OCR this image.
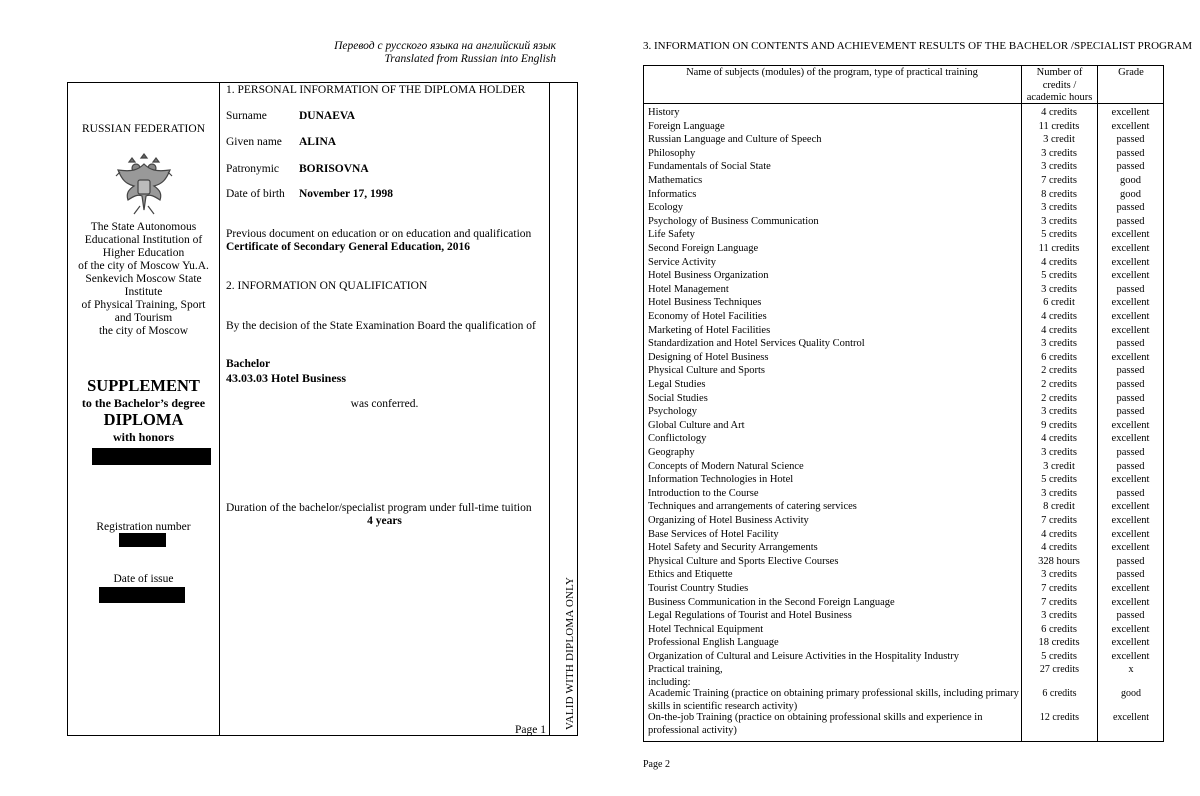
Перевод с русского языка на английский язык
Translated from Russian into English
RUSSIAN FEDERATION
The State Autonomous
Educational Institution of
Higher Education
of the city of Moscow Yu.A.
Senkevich Moscow State
Institute
of Physical Training, Sport
and Tourism
the city of Moscow
SUPPLEMENT
to the Bachelor’s degree
DIPLOMA
with honors
Registration number
Date of issue
1. PERSONAL INFORMATION OF THE DIPLOMA HOLDER
Surname	DUNAEVA
Given name ALINA
Patronymic BORISOVNA
Date of birth November 17, 1998
Previous document on education or on education and qualification
Certificate of Secondary General Education, 2016
2. INFORMATION ON QUALIFICATION
By the decision of the State Examination Board the qualification of
Bachelor
43.03.03 Hotel Business
was conferred.
Duration of the bachelor/specialist program under full-time tuition
4 years
Page 1 VALID WITH DIPLOMA ONLY
3. INFORMATION ON CONTENTS AND ACHIEVEMENT RESULTS OF THE BACHELOR /SPECIALIST PROGRAM
Name of subjects (modules) of the program, type of practical training	Number of
credits /
academic hours
Grade
History	4 credits	excellent
Foreign Language	11 credits	excellent
Russian Language and Culture of Speech	3 credit	passed
Philosophy	3 credits	passed
Fundamentals of Social State	3 credits	passed
Mathematics	7 credits	good
Informatics	8 credits	good
Ecology	3 credits	passed
Psychology of Business Communication	3 credits	passed
Life Safety	5 credits	excellent
Second Foreign Language	11 credits	excellent
Service Activity	4 credits	excellent
Hotel Business Organization	5 credits	excellent
Hotel Management	3 credits	passed
Hotel Business Techniques	6 credit	excellent
Economy of Hotel Facilities	4 credits	excellent
Marketing of Hotel Facilities	4 credits	excellent
Standardization and Hotel Services Quality Control	3 credits	passed
Designing of Hotel Business	6 credits	excellent
Physical Culture and Sports	2 credits	passed
Legal Studies	2 credits	passed
Social Studies	2 credits	passed
Psychology	3 credits	passed
Global Culture and Art	9 credits	excellent
Conflictology	4 credits	excellent
Geography	3 credits	passed
Concepts of Modern Natural Science	3 credit	passed
Information Technologies in Hotel	5 credits	excellent
Introduction to the Course	3 credits	passed
Techniques and arrangements of catering services	8 credit	excellent
Organizing of Hotel Business Activity	7 credits	excellent
Base Services of Hotel Facility	4 credits	excellent
Hotel Safety and Security Arrangements	4 credits	excellent
Physical Culture and Sports Elective Courses	328 hours	passed
Ethics and Etiquette	3 credits	passed
Tourist Country Studies	7 credits	excellent
Business Communication in the Second Foreign Language	7 credits	excellent
Legal Regulations of Tourist and Hotel Business	3 credits	passed
Hotel Technical Equipment	6 credits	excellent
Professional English Language	18 credits	excellent
Organization of Cultural and Leisure Activities in the Hospitality Industry	5 credits	excellent
Practical training,
including:
27 credits	x
Academic Training (practice on obtaining primary professional skills, including primary
skills in scientific research activity)
6 credits	good
On-the-job Training (practice on obtaining professional skills and experience in
professional activity)
12 credits	excellent
Page 2
